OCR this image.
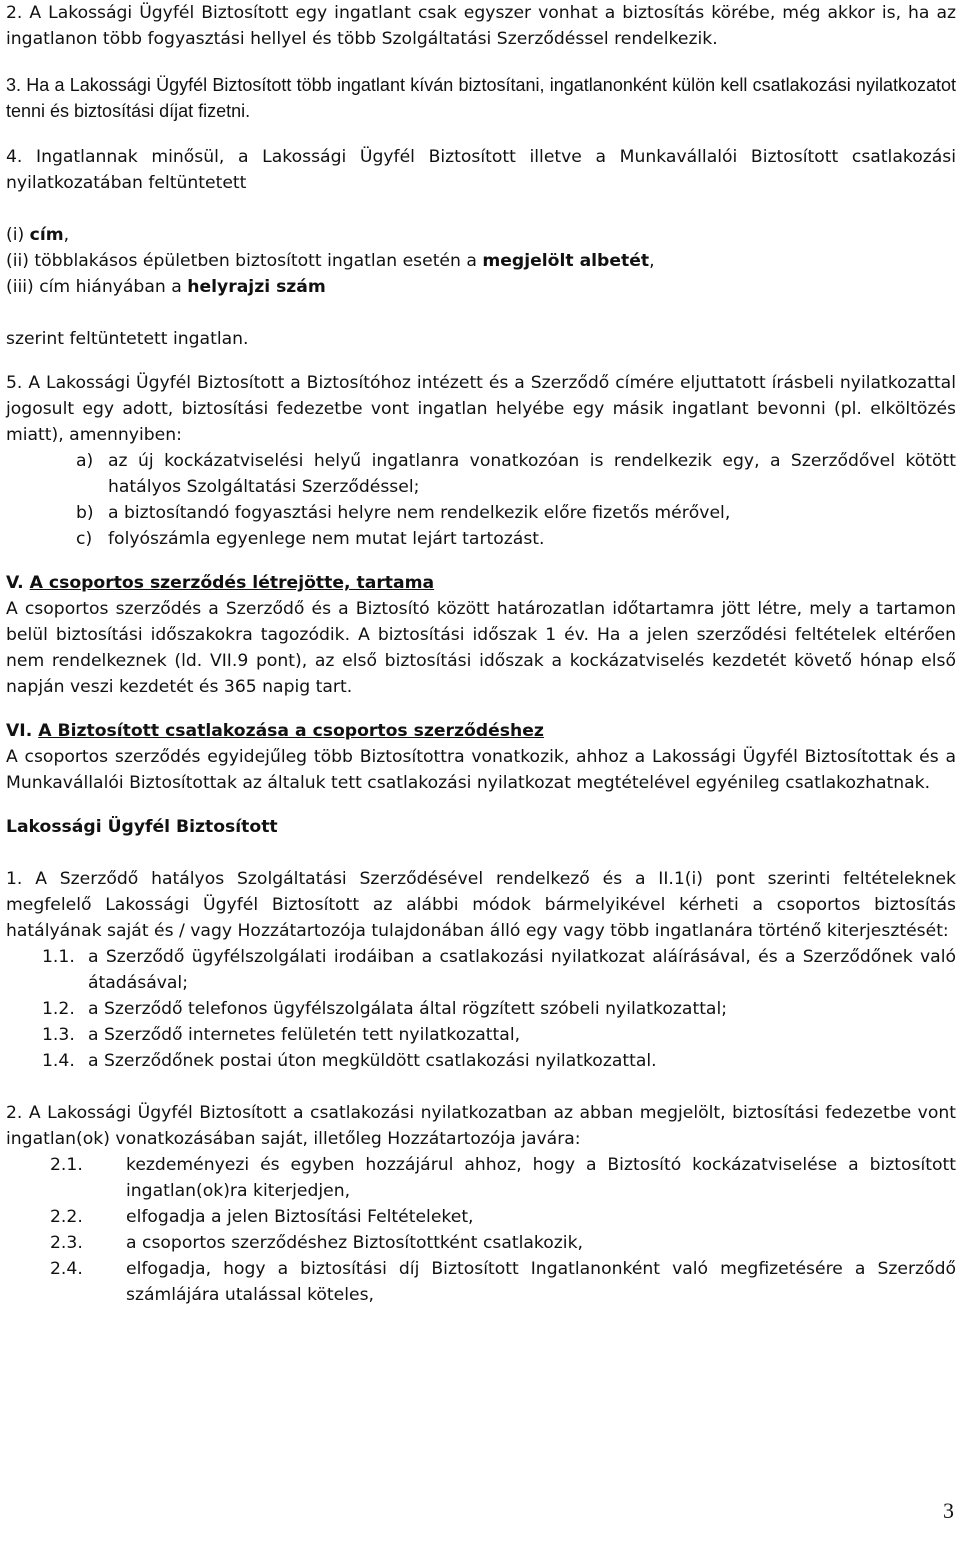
2. A Lakossági Ügyfél Biztosított egy ingatlant csak egyszer vonhat a biztosítás körébe, még akkor is, ha az ingatlanon több fogyasztási hellyel és több Szolgáltatási Szerződéssel rendelkezik.

3. Ha a Lakossági Ügyfél Biztosított több ingatlant kíván biztosítani, ingatlanonként külön kell csatlakozási nyilatkozatot tenni és biztosítási díjat fizetni.

4. Ingatlannak minősül, a Lakossági Ügyfél Biztosított illetve a Munkavállalói Biztosított csatlakozási nyilatkozatában feltüntetett

(i) cím,

(ii) többlakásos épületben biztosított ingatlan esetén a megjelölt albetét,

(iii) cím hiányában a helyrajzi szám

szerint feltüntetett ingatlan.

5. A Lakossági Ügyfél Biztosított a Biztosítóhoz intézett és a Szerződő címére eljuttatott írásbeli nyilatkozattal jogosult egy adott, biztosítási fedezetbe vont ingatlan helyébe egy másik ingatlant bevonni (pl. elköltözés miatt), amennyiben:

a) az új kockázatviselési helyű ingatlanra vonatkozóan is rendelkezik egy, a Szerződővel kötött hatályos Szolgáltatási Szerződéssel;
b) a biztosítandó fogyasztási helyre nem rendelkezik előre fizetős mérővel,
c) folyószámla egyenlege nem mutat lejárt tartozást.

V. A csoportos szerződés létrejötte, tartama

A csoportos szerződés a Szerződő és a Biztosító között határozatlan időtartamra jött létre, mely a tartamon belül biztosítási időszakokra tagozódik. A biztosítási időszak 1 év. Ha a jelen szerződési feltételek eltérően nem rendelkeznek (ld. VII.9 pont), az első biztosítási időszak a kockázatviselés kezdetét követő hónap első napján veszi kezdetét és 365 napig tart.

VI. A Biztosított csatlakozása a csoportos szerződéshez

A csoportos szerződés egyidejűleg több Biztosítottra vonatkozik, ahhoz a Lakossági Ügyfél Biztosítottak és a Munkavállalói Biztosítottak az általuk tett csatlakozási nyilatkozat megtételével egyénileg csatlakozhatnak.

Lakossági Ügyfél Biztosított

1. A Szerződő hatályos Szolgáltatási Szerződésével rendelkező és a II.1(i) pont szerinti feltételeknek megfelelő Lakossági Ügyfél Biztosított az alábbi módok bármelyikével kérheti a csoportos biztosítás hatályának saját és / vagy Hozzátartozója tulajdonában álló egy vagy több ingatlanára történő kiterjesztését:

1.1. a Szerződő ügyfélszolgálati irodáiban a csatlakozási nyilatkozat aláírásával, és a Szerződőnek való átadásával;
1.2. a Szerződő telefonos ügyfélszolgálata által rögzített szóbeli nyilatkozattal;
1.3. a Szerződő internetes felületén tett nyilatkozattal,
1.4. a Szerződőnek postai úton megküldött csatlakozási nyilatkozattal.

2. A Lakossági Ügyfél Biztosított a csatlakozási nyilatkozatban az abban megjelölt, biztosítási fedezetbe vont ingatlan(ok) vonatkozásában saját, illetőleg Hozzátartozója javára:

2.1.	kezdeményezi és egyben hozzájárul ahhoz, hogy a Biztosító kockázatviselése a biztosított ingatlan(ok)ra kiterjedjen,
2.2.	elfogadja a jelen Biztosítási Feltételeket,
2.3.	a csoportos szerződéshez Biztosítottként csatlakozik,
2.4.	elfogadja, hogy a biztosítási díj Biztosított Ingatlanonként való megfizetésére a Szerződő számlájára utalással köteles,
3
